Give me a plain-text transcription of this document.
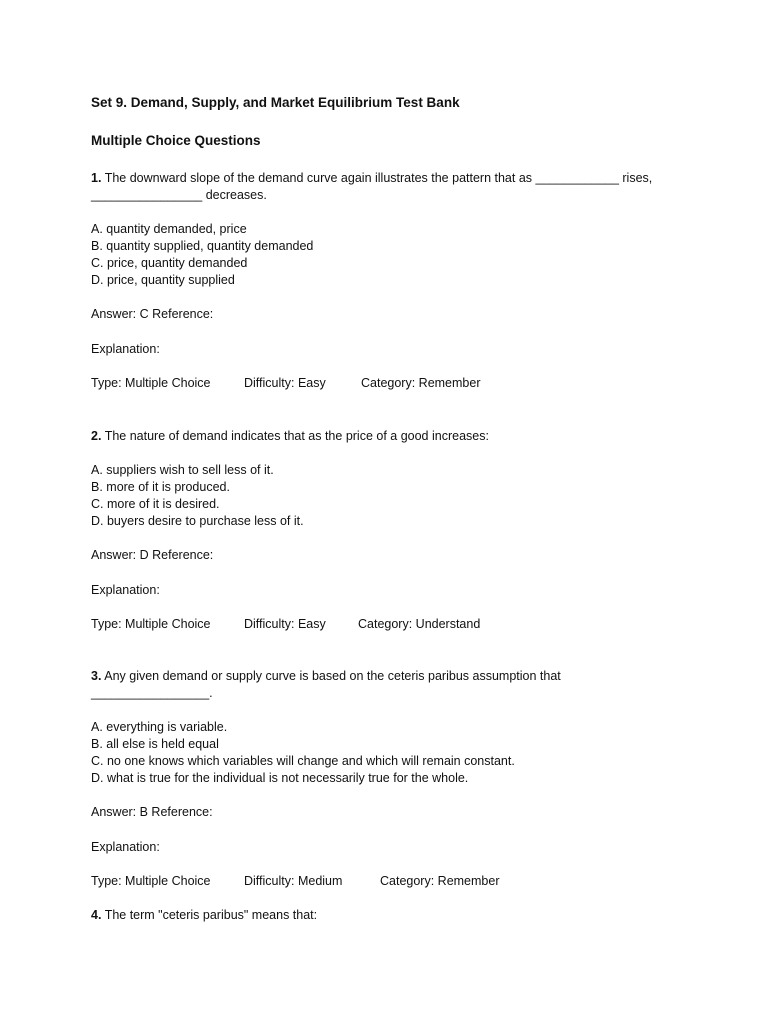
Set 9. Demand, Supply, and Market Equilibrium Test Bank
Multiple Choice Questions

1. The downward slope of the demand curve again illustrates the pattern that as ____________ rises,
________________ decreases.

A. quantity demanded, price
B. quantity supplied, quantity demanded
C. price, quantity demanded
D. price, quantity supplied
Answer: C Reference:
Explanation:
Type: Multiple Choice	Difficulty: Easy	Category: Remember

2. The nature of demand indicates that as the price of a good increases:

A. suppliers wish to sell less of it.
B. more of it is produced.
C. more of it is desired.
D. buyers desire to purchase less of it.
Answer: D Reference:
Explanation:
Type: Multiple Choice	Difficulty: Easy	Category: Understand

3. Any given demand or supply curve is based on the ceteris paribus assumption that _________________.

A. everything is variable.
B. all else is held equal
C. no one knows which variables will change and which will remain constant.
D. what is true for the individual is not necessarily true for the whole.
Answer: B Reference:
Explanation:
Type: Multiple Choice	Difficulty: Medium	Category: Remember

4. The term "ceteris paribus" means that:
